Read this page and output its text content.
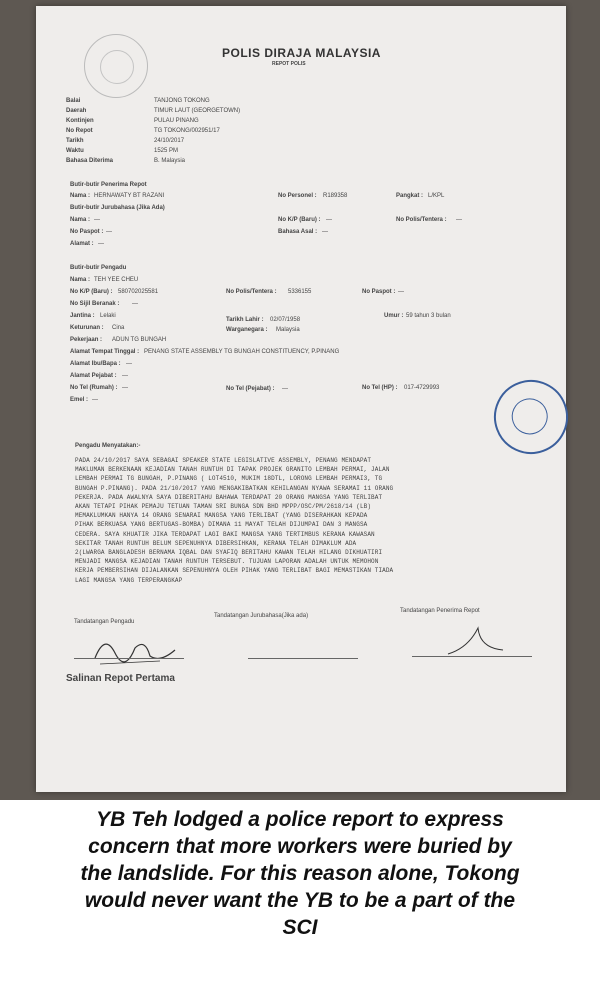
POLIS DIRAJA MALAYSIA
REPOT POLIS
Balai	TANJONG TOKONG
Daerah	TIMUR LAUT (GEORGETOWN)
Kontinjen	PULAU PINANG
No Repot	TG TOKONG/002951/17
Tarikh	24/10/2017
Waktu	1525 PM
Bahasa Diterima	B. Malaysia
Butir-butir Penerima Repot
Nama : HERNAWATY BT RAZANI	No Personel : R189358	Pangkat : L/KPL
Butir-butir Jurubahasa (Jika Ada)
Nama : —	No K/P (Baru) : —	No Polis/Tentera : —
No Paspot : —	Bahasa Asal : —
Alamat : —
Butir-butir Pengadu
Nama : TEH YEE CHEU
No K/P (Baru) : 580702025581	No Polis/Tentera : 5336155	No Paspot : —
No Sijil Beranak : —
Jantina : Lelaki
Tarikh Lahir : 02/07/1958
Umur : 59 tahun 3 bulan
Keturunan : Cina	Warganegara : Malaysia
Pekerjaan : ADUN TG BUNGAH
Alamat Tempat Tinggal : PENANG STATE ASSEMBLY TG BUNGAH CONSTITUENCY, P.PINANG
Alamat Ibu/Bapa : —
Alamat Pejabat : —
No Tel (Rumah) : —	No Tel (Pejabat) : —	No Tel (HP) : 017-4729993
Emel : —
Pengadu Menyatakan:-
PADA 24/10/2017 SAYA SEBAGAI SPEAKER STATE LEGISLATIVE ASSEMBLY, PENANG MENDAPAT
MAKLUMAN BERKENAAN KEJADIAN TANAH RUNTUH DI TAPAK PROJEK GRANITO LEMBAH PERMAI, JALAN
LEMBAH PERMAI TG BUNGAH, P.PINANG ( LOT4510, MUKIM 18DTL, LORONG LEMBAH PERMAI3, TG
BUNGAH P.PINANG). PADA 21/10/2017 YANG MENGAKIBATKAN KEHILANGAN NYAWA SERAMAI 11 ORANG
PEKERJA. PADA AWALNYA SAYA DIBERITAHU BAHAWA TERDAPAT 20 ORANG MANGSA YANG TERLIBAT
AKAN TETAPI PIHAK PEMAJU TETUAN TAMAN SRI BUNGA SDN BHD MPPP/OSC/PM/2618/14 (LB)
MEMAKLUMKAN HANYA 14 ORANG SENARAI MANGSA YANG TERLIBAT (YANG DISERAHKAN KEPADA
PIHAK BERKUASA YANG BERTUGAS-BOMBA) DIMANA 11 MAYAT TELAH DIJUMPAI DAN 3 MANGSA
CEDERA. SAYA KHUATIR JIKA TERDAPAT LAGI BAKI MANGSA YANG TERTIMBUS KERANA KAWASAN
SEKITAR TANAH RUNTUH BELUM SEPENUHNYA DIBERSIHKAN, KERANA TELAH DIMAKLUM ADA
2(LWARGA BANGLADESH BERNAMA IQBAL DAN SYAFIQ BERITAHU KAWAN TELAH HILANG DIKHUATIRI
MENJADI MANGSA KEJADIAN TANAH RUNTUH TERSEBUT. TUJUAN LAPORAN ADALAH UNTUK MEMOHON
KERJA PEMBERSIHAN DIJALANKAN SEPENUHNYA OLEH PIHAK YANG TERLIBAT BAGI MEMASTIKAN TIADA
LAGI MANGSA YANG TERPERANGKAP
Tandatangan Pengadu
Tandatangan Jurubahasa(Jika ada)
Tandatangan Penerima Repot
Salinan Repot Pertama
YB Teh lodged a police report to express
concern that more workers were buried by
the landslide. For this reason alone, Tokong
would never want the YB to be a part of the
SCI
